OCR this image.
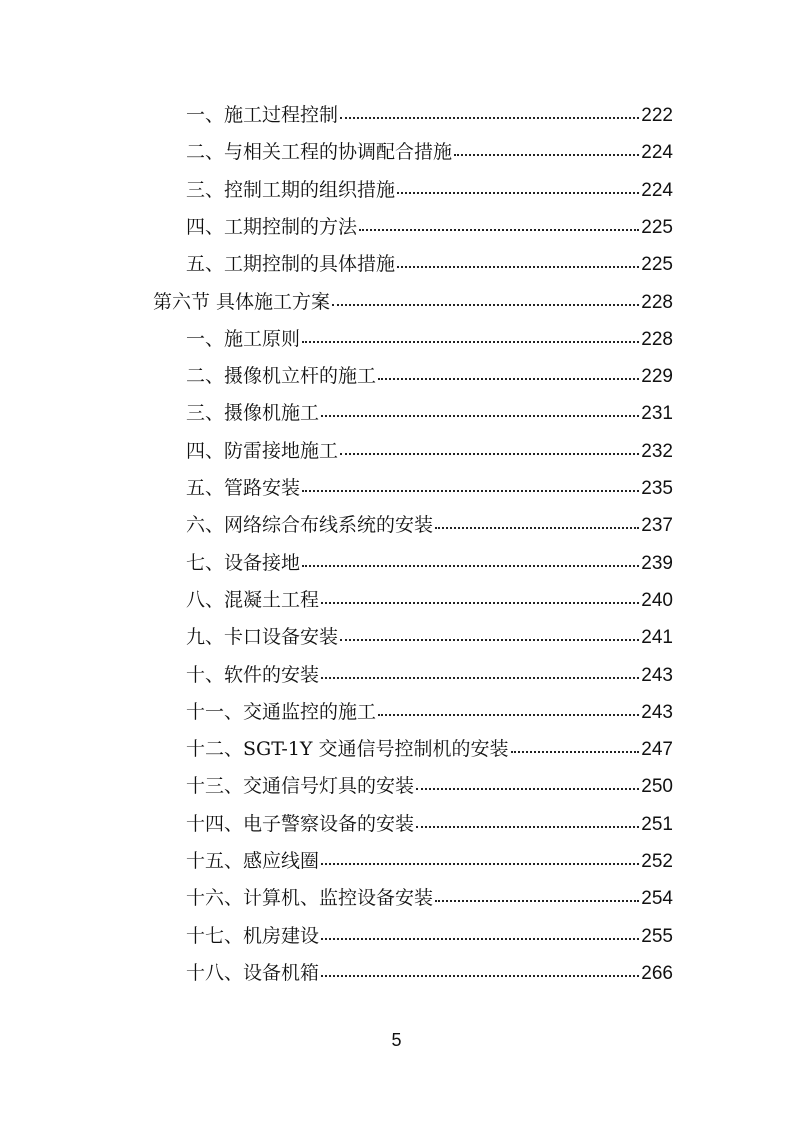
一、施工过程控制	222
二、与相关工程的协调配合措施	224
三、控制工期的组织措施	224
四、工期控制的方法	225
五、工期控制的具体措施	225
第六节 具体施工方案	228
一、施工原则	228
二、摄像机立杆的施工	229
三、摄像机施工	231
四、防雷接地施工	232
五、管路安装	235
六、网络综合布线系统的安装	237
七、设备接地	239
八、混凝土工程	240
九、卡口设备安装	241
十、软件的安装	243
十一、交通监控的施工	243
十二、SGT-1Y 交通信号控制机的安装	247
十三、交通信号灯具的安装	250
十四、电子警察设备的安装	251
十五、感应线圈	252
十六、计算机、监控设备安装	254
十七、机房建设	255
十八、设备机箱	266
5
